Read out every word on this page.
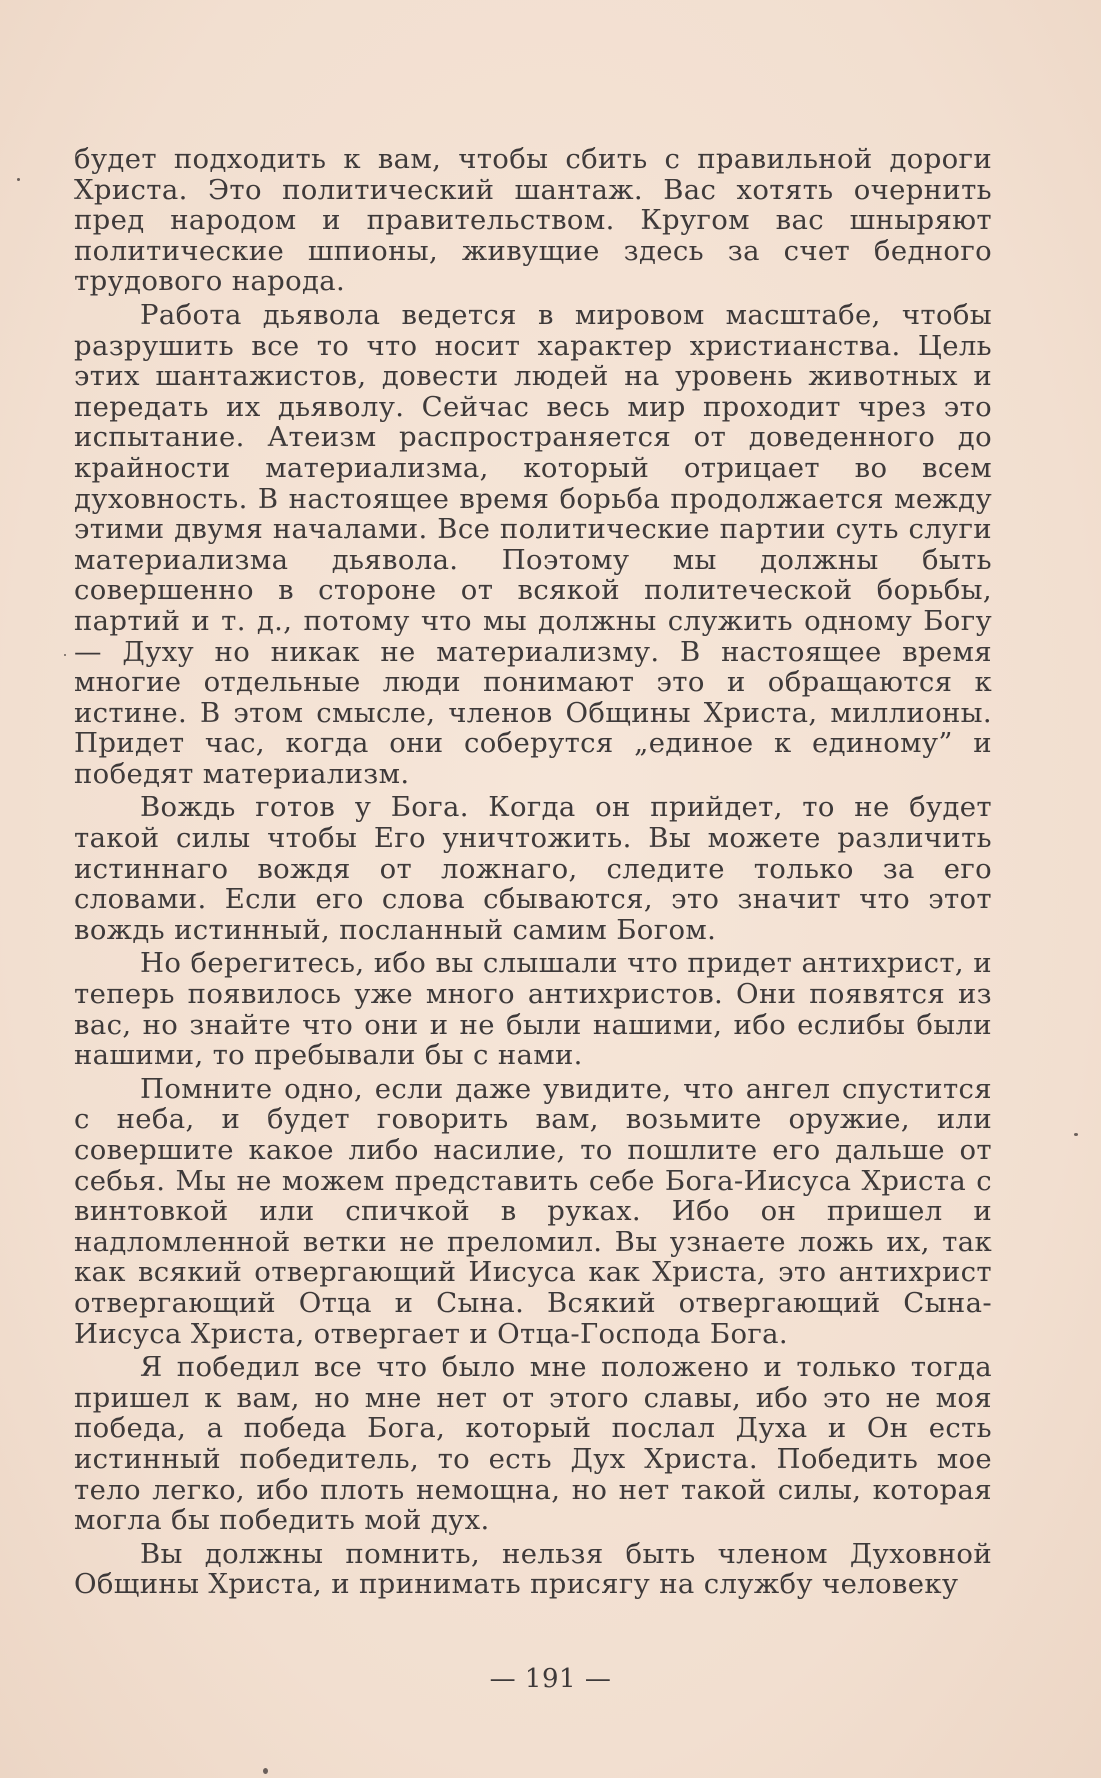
будет подходить к вам, чтобы сбить с правильной дороги Христа. Это политический шантаж. Вас хотять очернить пред народом и правительством. Кругом вас шныряют политические шпионы, живущие здесь за счет бедного трудового народа.

Работа дьявола ведется в мировом масштабе, чтобы разрушить все то что носит характер христианства. Цель этих шантажистов, довести людей на уровень животных и передать их дьяволу. Сейчас весь мир проходит чрез это испытание. Атеизм распространяется от доведенного до крайности материализма, который отрицает во всем духовность. В настоящее время борьба продолжается между этими двумя началами. Все политические партии суть слуги материализма дьявола. Поэтому мы должны быть совершенно в стороне от всякой политеческой борьбы, партий и т. д., потому что мы должны служить одному Богу — Духу но никак не материализму. В настоящее время многие отдельные люди понимают это и обращаются к истине. В этом смысле, членов Общины Христа, миллионы. Придет час, когда они соберутся „единое к единому” и победят материализм.

Вождь готов у Бога. Когда он прийдет, то не будет такой силы чтобы Его уничтожить. Вы можете различить истиннаго вождя от ложнаго, следите только за его словами. Если его слова сбываются, это значит что этот вождь истинный, посланный самим Богом.

Но берегитесь, ибо вы слышали что придет антихрист, и теперь появилось уже много антихристов. Они появятся из вас, но знайте что они и не были нашими, ибо еслибы были нашими, то пребывали бы с нами.

Помните одно, если даже увидите, что ангел спустится с неба, и будет говорить вам, возьмите оружие, или совершите какое либо насилие, то пошлите его дальше от себья. Мы не можем представить себе Бога-Иисуса Христа с винтовкой или спичкой в руках. Ибо он пришел и надломленной ветки не преломил. Вы узнаете ложь их, так как всякий отвергающий Иисуса как Христа, это антихрист отвергающий Отца и Сына. Всякий отвергающий Сына-Иисуса Христа, отвергает и Отца-Господа Бога.

Я победил все что было мне положено и только тогда пришел к вам, но мне нет от этого славы, ибо это не моя победа, а победа Бога, который послал Духа и Он есть истинный победитель, то есть Дух Христа. Победить мое тело легко, ибо плоть немощна, но нет такой силы, которая могла бы победить мой дух.

Вы должны помнить, нельзя быть членом Духовной Общины Христа, и принимать присягу на службу человеку

— 191 —
